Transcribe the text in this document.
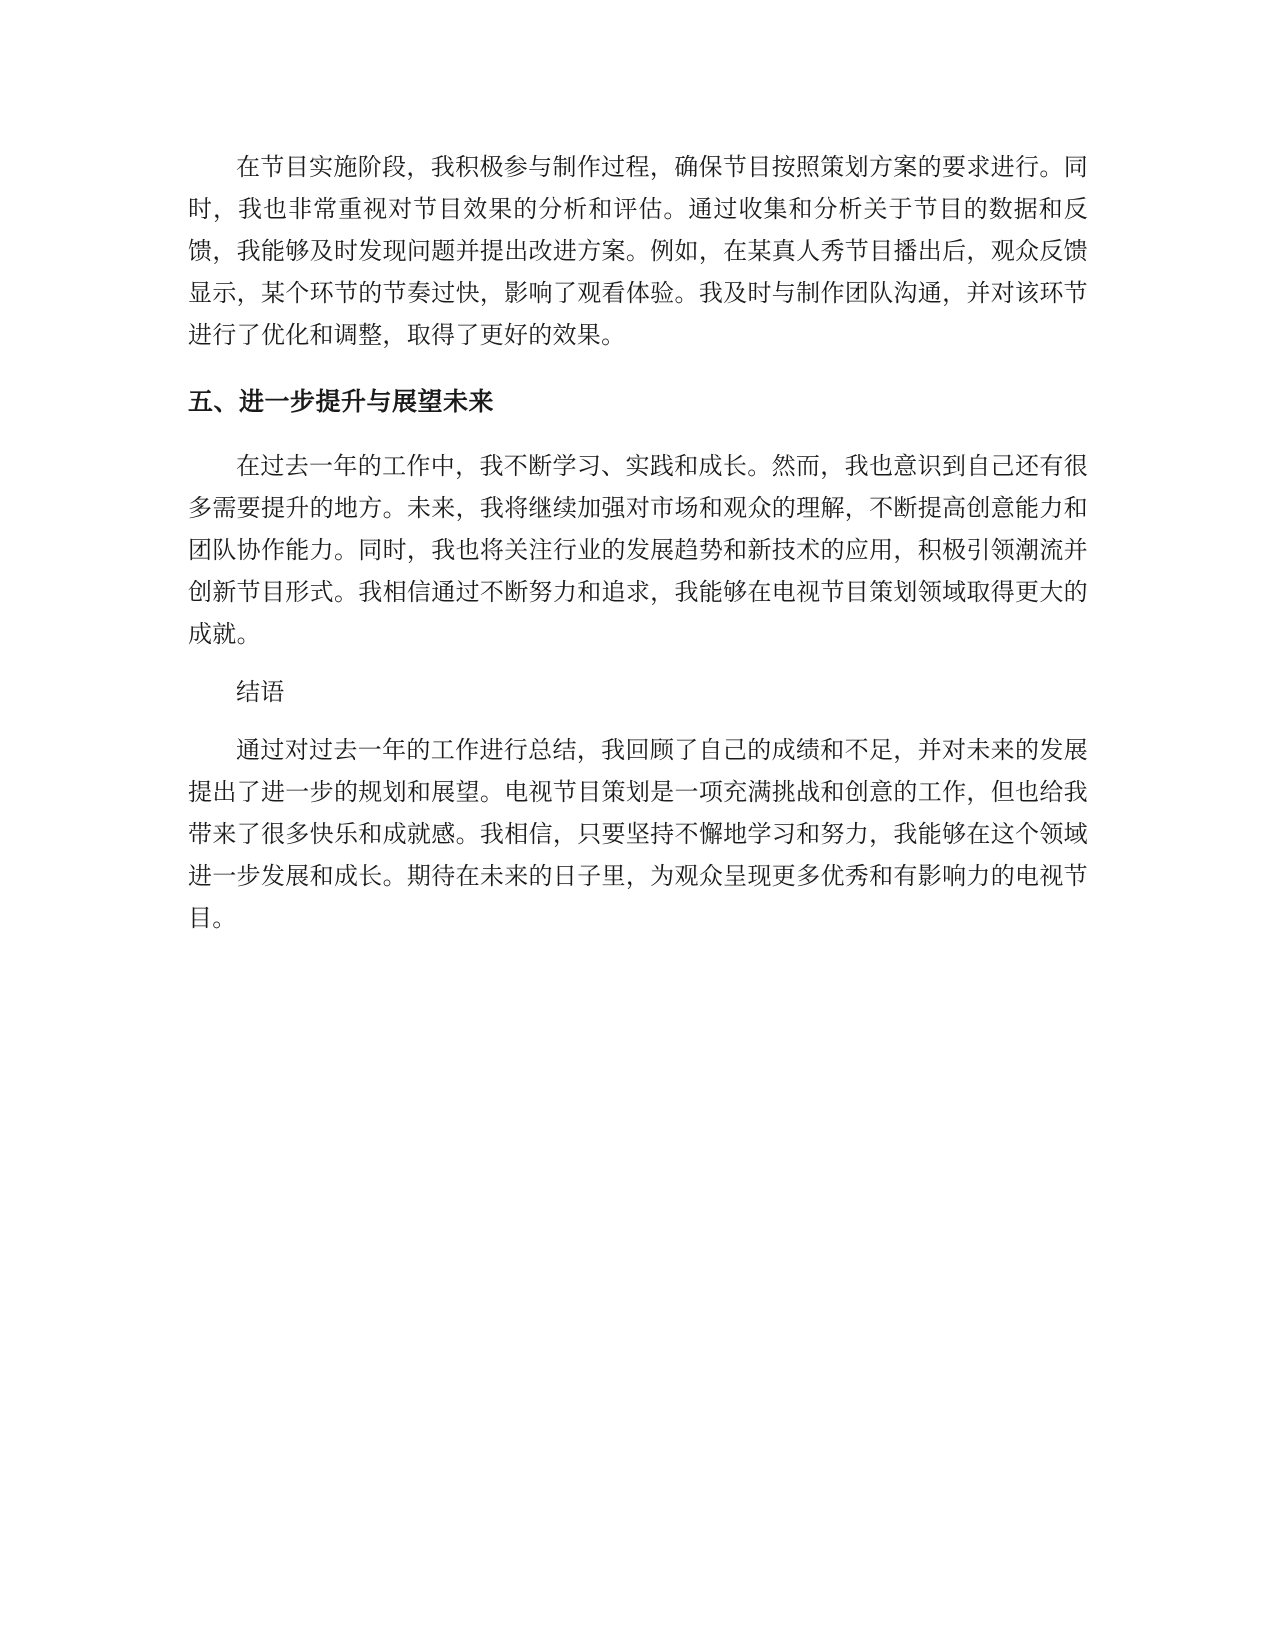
在节目实施阶段，我积极参与制作过程，确保节目按照策划方案的要求进行。同时，我也非常重视对节目效果的分析和评估。通过收集和分析关于节目的数据和反馈，我能够及时发现问题并提出改进方案。例如，在某真人秀节目播出后，观众反馈显示，某个环节的节奏过快，影响了观看体验。我及时与制作团队沟通，并对该环节进行了优化和调整，取得了更好的效果。

五、进一步提升与展望未来

在过去一年的工作中，我不断学习、实践和成长。然而，我也意识到自己还有很多需要提升的地方。未来，我将继续加强对市场和观众的理解，不断提高创意能力和团队协作能力。同时，我也将关注行业的发展趋势和新技术的应用，积极引领潮流并创新节目形式。我相信通过不断努力和追求，我能够在电视节目策划领域取得更大的成就。

结语

通过对过去一年的工作进行总结，我回顾了自己的成绩和不足，并对未来的发展提出了进一步的规划和展望。电视节目策划是一项充满挑战和创意的工作，但也给我带来了很多快乐和成就感。我相信，只要坚持不懈地学习和努力，我能够在这个领域进一步发展和成长。期待在未来的日子里，为观众呈现更多优秀和有影响力的电视节目。
